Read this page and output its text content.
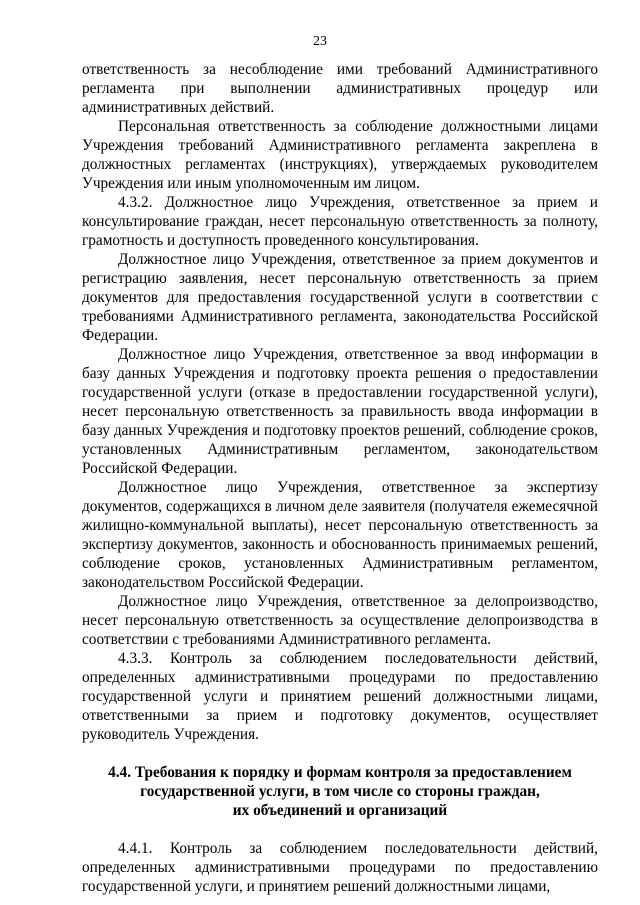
23

ответственность за несоблюдение ими требований Административного регламента при выполнении административных процедур или административных действий.

Персональная ответственность за соблюдение должностными лицами Учреждения требований Административного регламента закреплена в должностных регламентах (инструкциях), утверждаемых руководителем Учреждения или иным уполномоченным им лицом.

4.3.2. Должностное лицо Учреждения, ответственное за прием и консультирование граждан, несет персональную ответственность за полноту, грамотность и доступность проведенного консультирования.

Должностное лицо Учреждения, ответственное за прием документов и регистрацию заявления, несет персональную ответственность за прием документов для предоставления государственной услуги в соответствии с требованиями Административного регламента, законодательства Российской Федерации.

Должностное лицо Учреждения, ответственное за ввод информации в базу данных Учреждения и подготовку проекта решения о предоставлении государственной услуги (отказе в предоставлении государственной услуги), несет персональную ответственность за правильность ввода информации в базу данных Учреждения и подготовку проектов решений, соблюдение сроков, установленных Административным регламентом, законодательством Российской Федерации.

Должностное лицо Учреждения, ответственное за экспертизу документов, содержащихся в личном деле заявителя (получателя ежемесячной жилищно-коммунальной выплаты), несет персональную ответственность за экспертизу документов, законность и обоснованность принимаемых решений, соблюдение сроков, установленных Административным регламентом, законодательством Российской Федерации.

Должностное лицо Учреждения, ответственное за делопроизводство, несет персональную ответственность за осуществление делопроизводства в соответствии с требованиями Административного регламента.

4.3.3. Контроль за соблюдением последовательности действий, определенных административными процедурами по предоставлению государственной услуги и принятием решений должностными лицами, ответственными за прием и подготовку документов, осуществляет руководитель Учреждения.

4.4. Требования к порядку и формам контроля за предоставлением
государственной услуги, в том числе со стороны граждан,
их объединений и организаций

4.4.1. Контроль за соблюдением последовательности действий, определенных административными процедурами по предоставлению государственной услуги, и принятием решений должностными лицами,
